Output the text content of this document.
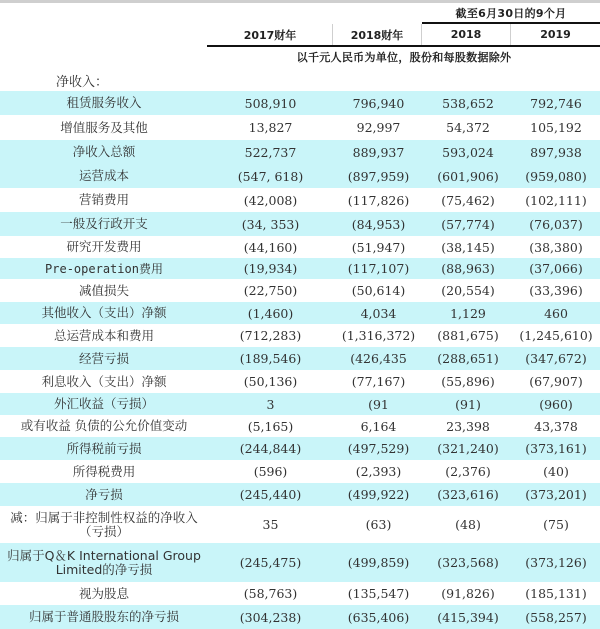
截至6月30日的9个月
2017财年	2018财年	2018	2019
以千元人民币为单位，股份和每股数据除外
净收入：
租赁服务收入	508,910	796,940	538,652	792,746
增值服务及其他	13,827	92,997	54,372	105,192
净收入总额	522,737	889,937	593,024	897,938
运营成本	(547, 618)	(897,959)	(601,906)	(959,080)
营销费用	(42,008)	(117,826)	(75,462)	(102,111)
一般及行政开支	(34, 353)	(84,953)	(57,774)	(76,037)
研究开发费用	(44,160)	(51,947)	(38,145)	(38,380)
Pre-operation费用	(19,934)	(117,107)	(88,963)	(37,066)
减值损失	(22,750)	(50,614)	(20,554)	(33,396)
其他收入（支出）净额	(1,460)	4,034	1,129	460
总运营成本和费用	(712,283)	(1,316,372)	(881,675)	(1,245,610)
经营亏损	(189,546)	(426,435	(288,651)	(347,672)
利息收入（支出）净额	(50,136)	(77,167)	(55,896)	(67,907)
外汇收益（亏损）	3	(91	(91)	(960)
或有收益 负债的公允价值变动	(5,165)	6,164	23,398	43,378
所得税前亏损	(244,844)	(497,529)	(321,240)	(373,161)
所得税费用	(596)	(2,393)	(2,376)	(40)
净亏损	(245,440)	(499,922)	(323,616)	(373,201)
减：归属于非控制性权益的净收入（亏损）	35	(63)	(48)	(75)
归属于Q＆K International Group Limited的净亏损	(245,475)	(499,859)	(323,568)	(373,126)
视为股息	(58,763)	(135,547)	(91,826)	(185,131)
归属于普通股股东的净亏损	(304,238)	(635,406)	(415,394)	(558,257)
